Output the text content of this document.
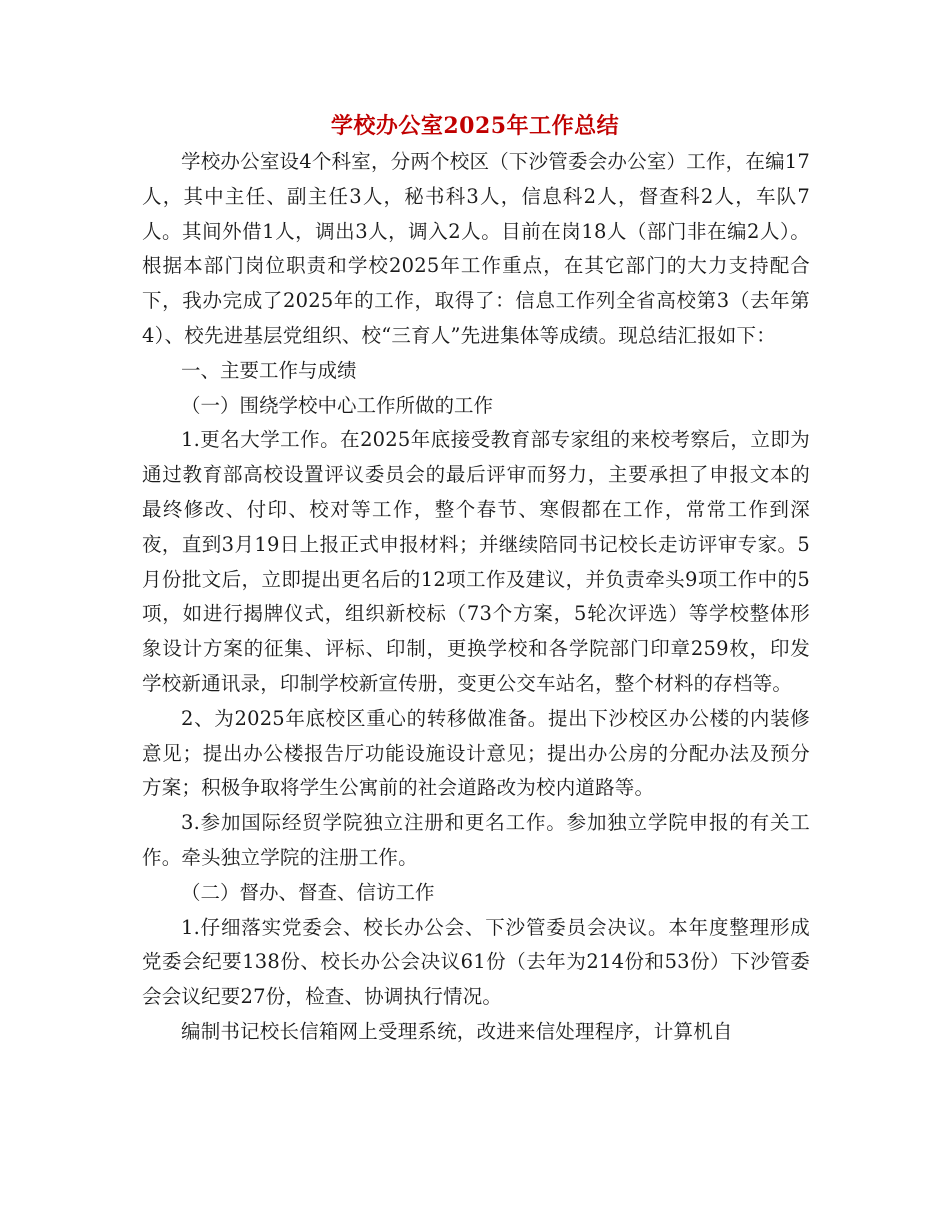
学校办公室2025年工作总结

学校办公室设4个科室，分两个校区（下沙管委会办公室）工作，在编17人，其中主任、副主任3人，秘书科3人，信息科2人，督查科2人，车队7人。其间外借1人，调出3人，调入2人。目前在岗18人（部门非在编2人）。根据本部门岗位职责和学校2025年工作重点，在其它部门的大力支持配合下，我办完成了2025年的工作，取得了：信息工作列全省高校第3（去年第4）、校先进基层党组织、校“三育人”先进集体等成绩。现总结汇报如下：

一、主要工作与成绩

（一）围绕学校中心工作所做的工作

1.更名大学工作。在2025年底接受教育部专家组的来校考察后，立即为通过教育部高校设置评议委员会的最后评审而努力，主要承担了申报文本的最终修改、付印、校对等工作，整个春节、寒假都在工作，常常工作到深夜，直到3月19日上报正式申报材料；并继续陪同书记校长走访评审专家。5月份批文后，立即提出更名后的12项工作及建议，并负责牵头9项工作中的5项，如进行揭牌仪式，组织新校标（73个方案，5轮次评选）等学校整体形象设计方案的征集、评标、印制，更换学校和各学院部门印章259枚，印发学校新通讯录，印制学校新宣传册，变更公交车站名，整个材料的存档等。

2、为2025年底校区重心的转移做准备。提出下沙校区办公楼的内装修意见；提出办公楼报告厅功能设施设计意见；提出办公房的分配办法及预分方案；积极争取将学生公寓前的社会道路改为校内道路等。

3.参加国际经贸学院独立注册和更名工作。参加独立学院申报的有关工作。牵头独立学院的注册工作。

（二）督办、督查、信访工作

1.仔细落实党委会、校长办公会、下沙管委员会决议。本年度整理形成党委会纪要138份、校长办公会决议61份（去年为214份和53份）下沙管委会会议纪要27份，检查、协调执行情况。

编制书记校长信箱网上受理系统，改进来信处理程序，计算机自
